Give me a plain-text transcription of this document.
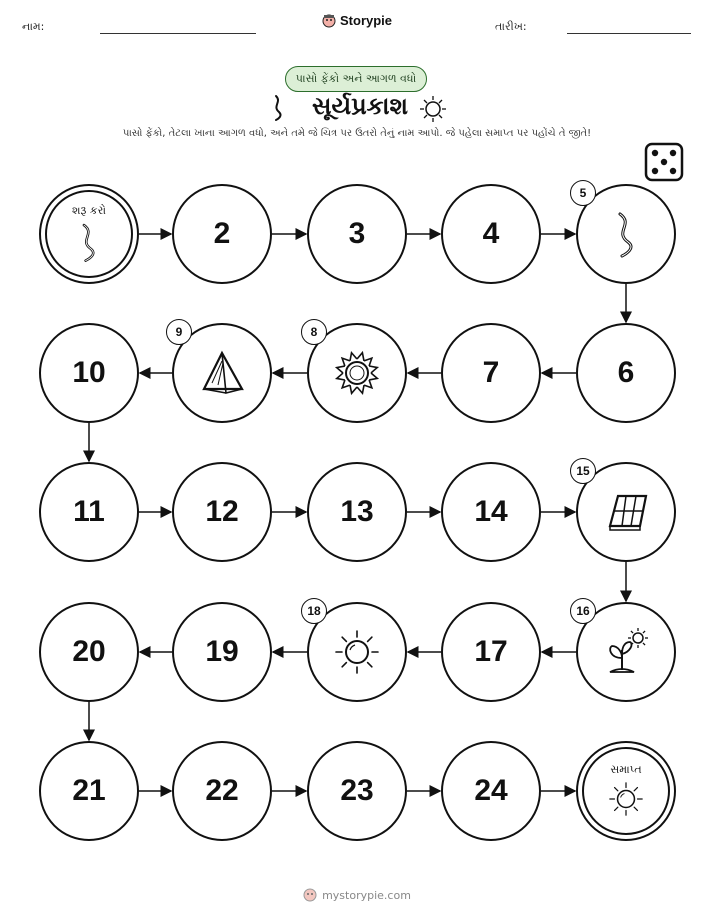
નામ:	Storypie	તારીખ:
પાસો ફેંકો અને આગળ વધો
સૂર્યપ્રકાશ
પાસો ફેંકો, તેટલા ખાના આગળ વધો, અને તમે જે ચિત્ર પર ઉતરો તેનું નામ આપો. જે પહેલા સમાપ્ત પર પહોંચે તે જીતે!
શરૂ કરો
2	3	4
5
6
7
8
9
10
11	12	13	14
15
16
17
18
19
20
21	22	23	24
સમાપ્ત
mystorypie.com
